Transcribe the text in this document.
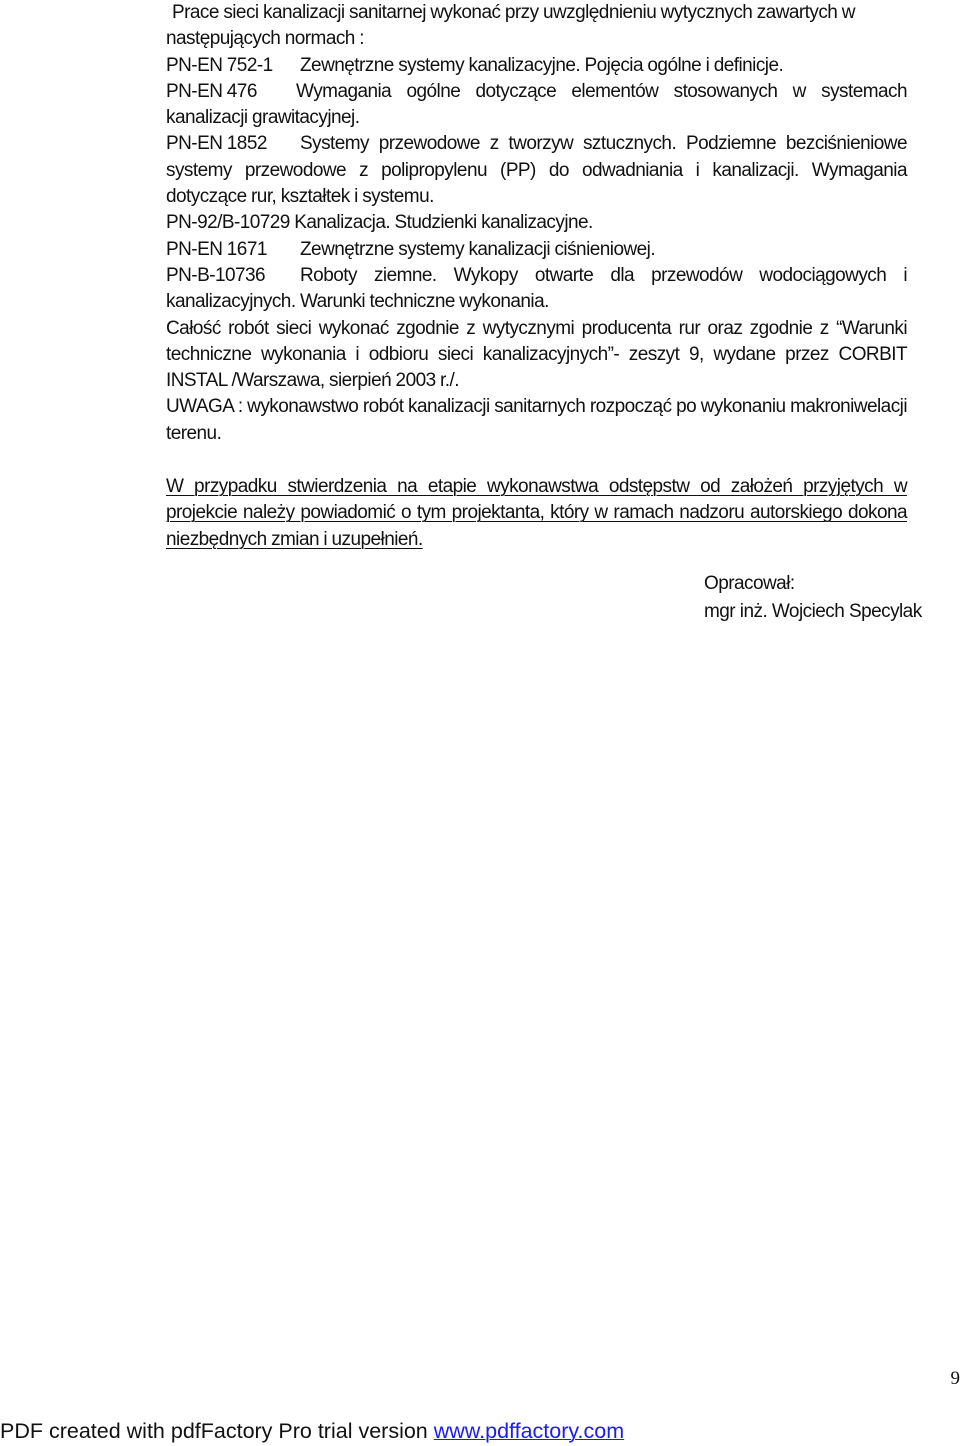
Prace sieci kanalizacji sanitarnej wykonać przy uwzględnieniu wytycznych zawartych w

następujących normach :

PN-EN 752-1 Zewnętrzne systemy kanalizacyjne. Pojęcia ogólne i definicje.

PN-EN 476 Wymagania ogólne dotyczące elementów stosowanych w systemach kanalizacji grawitacyjnej.

PN-EN 1852 Systemy przewodowe z tworzyw sztucznych. Podziemne bezciśnieniowe systemy przewodowe z polipropylenu (PP) do odwadniania i kanalizacji. Wymagania dotyczące rur, kształtek i systemu.

PN-92/B-10729 Kanalizacja. Studzienki kanalizacyjne.

PN-EN 1671 Zewnętrzne systemy kanalizacji ciśnieniowej.

PN-B-10736 Roboty ziemne. Wykopy otwarte dla przewodów wodociągowych i kanalizacyjnych. Warunki techniczne wykonania.

Całość robót sieci wykonać zgodnie z wytycznymi producenta rur oraz zgodnie z “Warunki techniczne wykonania i odbioru sieci kanalizacyjnych”- zeszyt 9, wydane przez CORBIT INSTAL /Warszawa, sierpień 2003 r./.

UWAGA : wykonawstwo robót kanalizacji sanitarnych rozpocząć po wykonaniu makroniwelacji terenu.

W przypadku stwierdzenia na etapie wykonawstwa odstępstw od założeń przyjętych w projekcie należy powiadomić o tym projektanta, który w ramach nadzoru autorskiego dokona niezbędnych zmian i uzupełnień.

Opracował:
mgr inż. Wojciech Specylak
9
PDF created with pdfFactory Pro trial version www.pdffactory.com
